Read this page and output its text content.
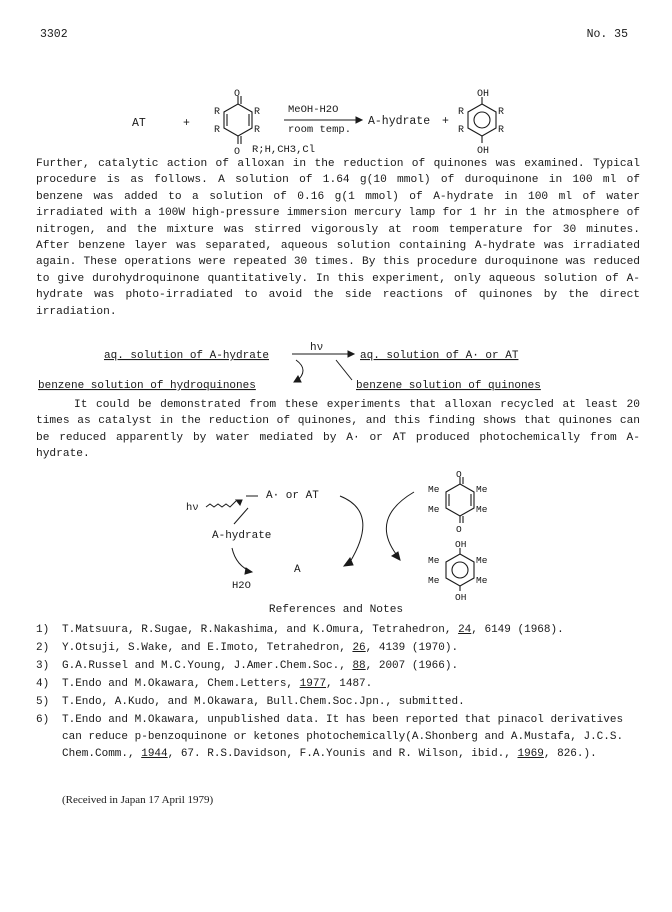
3302	No. 35
AT	+
O
O
R	R
R	R
R;H,CH3,Cl
MeOH-H2O
room temp.
A-hydrate +
OH
OH
R	R
R	R

Further, catalytic action of alloxan in the reduction of quinones was examined. Typical procedure is as follows. A solution of 1.64 g(10 mmol) of duroquinone in 100 ml of benzene was added to a solution of 0.16 g(1 mmol) of A-hydrate in 100 ml of water irradiated with a 100W high-pressure immersion mercury lamp for 1 hr in the atmosphere of nitrogen, and the mixture was stirred vigorously at room temperature for 30 minutes. After benzene layer was separated, aqueous solution containing A-hydrate was irradiated again. These operations were repeated 30 times. By this procedure duroquinone was reduced to give durohydroquinone quantitatively. In this experiment, only aqueous solution of A-hydrate was photo-irradiated to avoid the side reactions of quinones by the direct irradiation.

aq. solution of A-hydrate
hν
aq. solution of A· or AT
benzene solution of hydroquinones	benzene solution of quinones

It could be demonstrated from these experiments that alloxan recycled at least 20 times as catalyst in the reduction of quinones, and this finding shows that quinones can be reduced apparently by water mediated by A· or AT produced photochemically from A-hydrate.

hν
A· or AT
A-hydrate
H2O
A
O
O
Me	Me
Me	Me
OH
OH
Me	Me
Me	Me
References and Notes
1) T.Matsuura, R.Sugae, R.Nakashima, and K.Omura, Tetrahedron, 24, 6149 (1968).
2) Y.Otsuji, S.Wake, and E.Imoto, Tetrahedron, 26, 4139 (1970).
3) G.A.Russel and M.C.Young, J.Amer.Chem.Soc., 88, 2007 (1966).
4) T.Endo and M.Okawara, Chem.Letters, 1977, 1487.
5) T.Endo, A.Kudo, and M.Okawara, Bull.Chem.Soc.Jpn., submitted.
6) T.Endo and M.Okawara, unpublished data. It has been reported that pinacol derivatives can reduce p-benzoquinone or ketones photochemically(A.Shonberg and A.Mustafa, J.C.S. Chem.Comm., 1944, 67. R.S.Davidson, F.A.Younis and R. Wilson, ibid., 1969, 826.).
(Received in Japan 17 April 1979)
